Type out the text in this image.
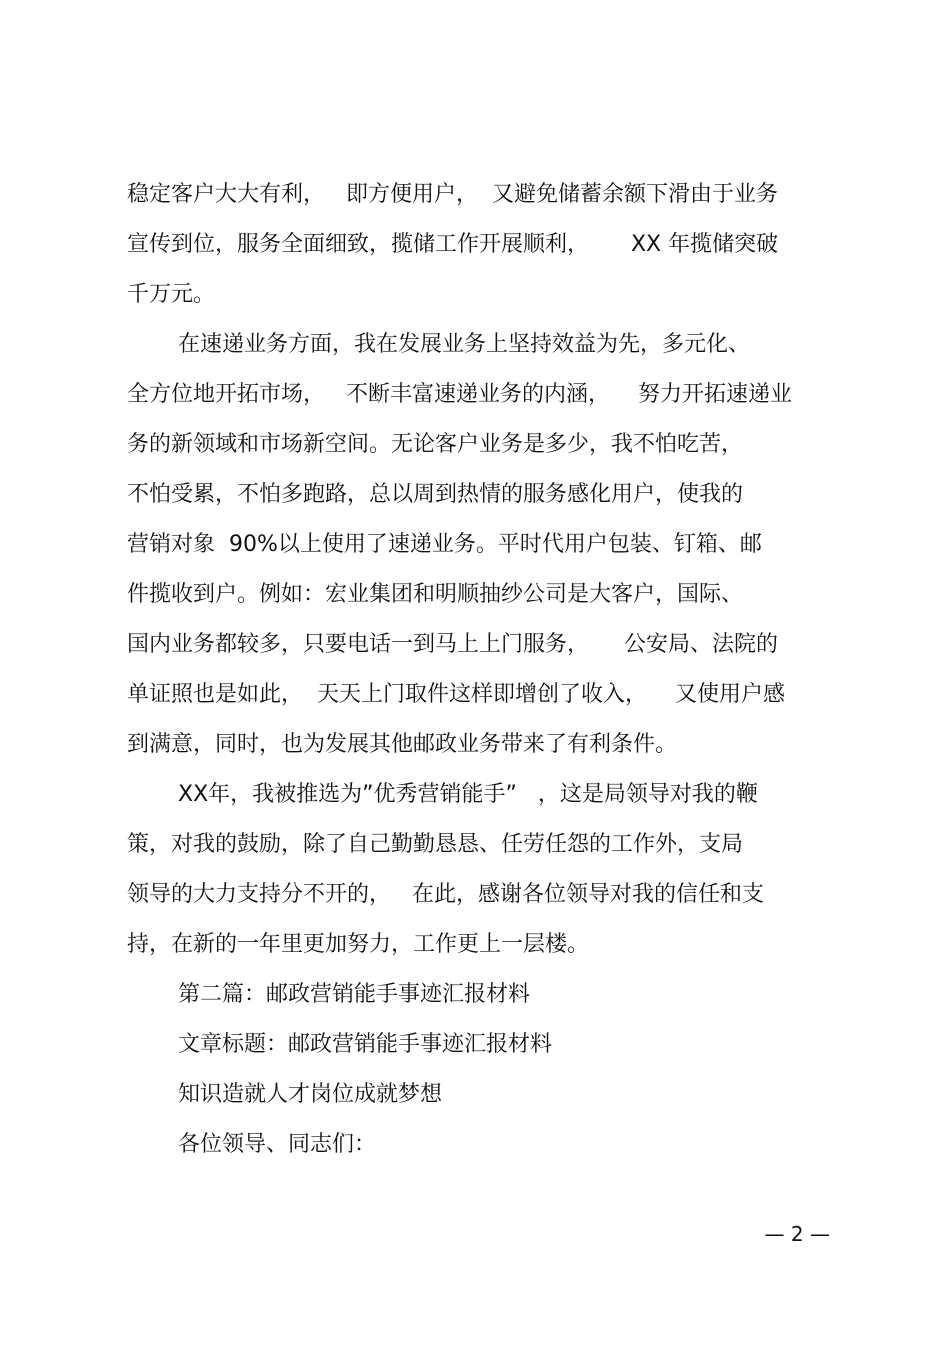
稳定客户大大有利，   即方便用户，  又避免储蓄余额下滑由于业务
宣传到位，服务全面细致，揽储工作开展顺利，      XX 年揽储突破
千万元。
在速递业务方面，我在发展业务上坚持效益为先，多元化、
全方位地开拓市场，   不断丰富速递业务的内涵，    努力开拓速递业
务的新领域和市场新空间。无论客户业务是多少，我不怕吃苦，
不怕受累，不怕多跑路，总以周到热情的服务感化用户，使我的
营销对象  90%以上使用了速递业务。平时代用户包装、钉箱、邮
件揽收到户。例如：宏业集团和明顺抽纱公司是大客户，国际、
国内业务都较多，只要电话一到马上上门服务，     公安局、法院的
单证照也是如此，  天天上门取件这样即增创了收入，    又使用户感
到满意，同时，也为发展其他邮政业务带来了有利条件。
XX年，我被推选为”优秀营销能手”   ，这是局领导对我的鞭
策，对我的鼓励，除了自己勤勤恳恳、任劳任怨的工作外，支局
领导的大力支持分不开的，   在此，感谢各位领导对我的信任和支
持，在新的一年里更加努力，工作更上一层楼。
第二篇：邮政营销能手事迹汇报材料
文章标题：邮政营销能手事迹汇报材料
知识造就人才岗位成就梦想
各位领导、同志们：
— 2 —
